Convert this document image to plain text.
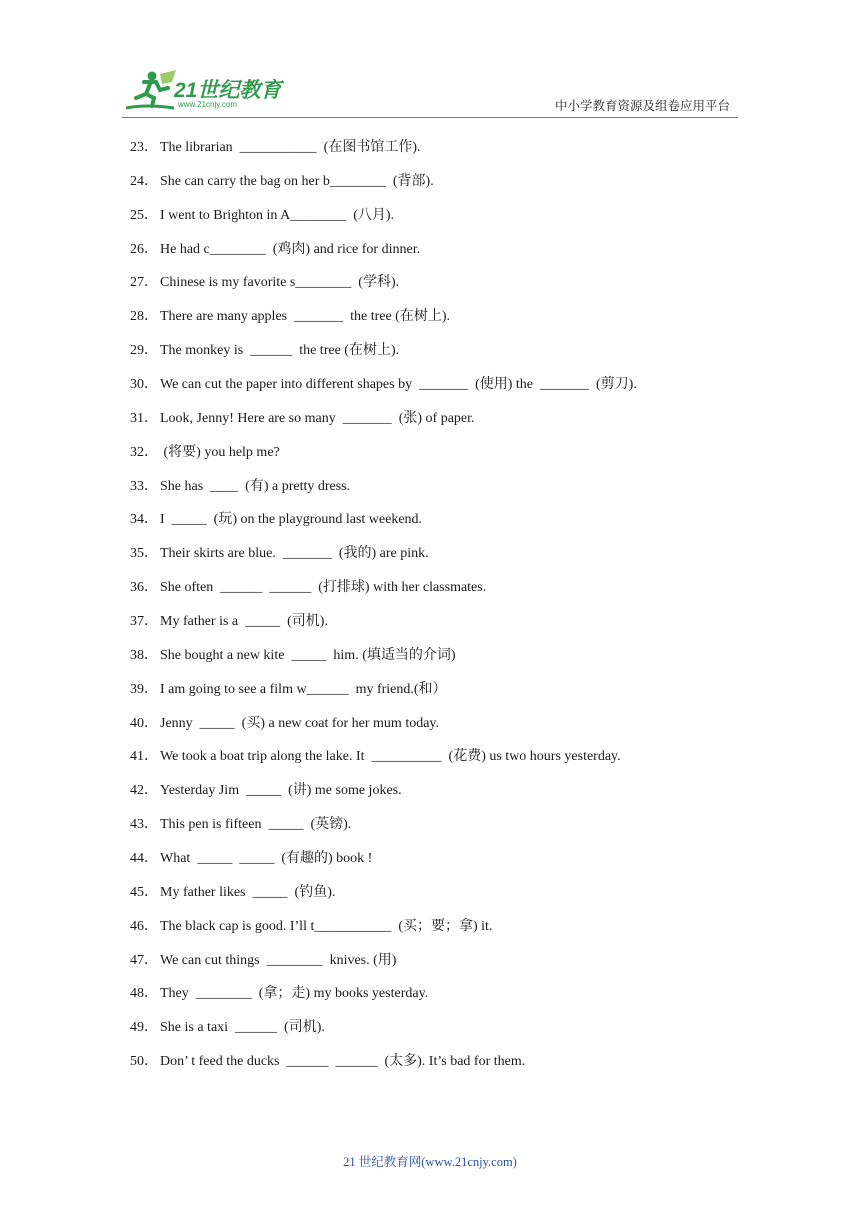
21世纪教育
www.21cnjy.com	中小学教育资源及组卷应用平台
23． The librarian  ___________  (在图书馆工作).
24． She can carry the bag on her b________  (背部).
25． I went to Brighton in A________  (八月).
26． He had c________  (鸡肉) and rice for dinner.
27． Chinese is my favorite s________  (学科).
28． There are many apples  _______  the tree (在树上).
29． The monkey is  ______  the tree (在树上).
30． We can cut the paper into different shapes by  _______  (使用) the  _______  (剪刀).
31． Look, Jenny! Here are so many  _______  (张) of paper.
32． (将要) you help me?
33． She has  ____  (有) a pretty dress.
34． I  _____  (玩) on the playground last weekend.
35． Their skirts are blue.  _______  (我的) are pink.
36． She often  ______  ______  (打排球) with her classmates.
37． My father is a  _____  (司机).
38． She bought a new kite  _____  him. (填适当的介词)
39． I am going to see a film w______  my friend.(和）
40． Jenny  _____  (买) a new coat for her mum today.
41． We took a boat trip along the lake. It  __________  (花费) us two hours yesterday.
42． Yesterday Jim  _____  (讲) me some jokes.
43． This pen is fifteen  _____  (英镑).
44． What  _____  _____  (有趣的) book !
45． My father likes  _____  (钓鱼).
46． The black cap is good. I’ll t___________  (买；要；拿) it.
47． We can cut things  ________  knives. (用)
48． They  ________  (拿；走) my books yesterday.
49． She is a taxi  ______  (司机).
50． Don’ t feed the ducks  ______  ______  (太多). It’s bad for them.
21 世纪教育网(www.21cnjy.com)
